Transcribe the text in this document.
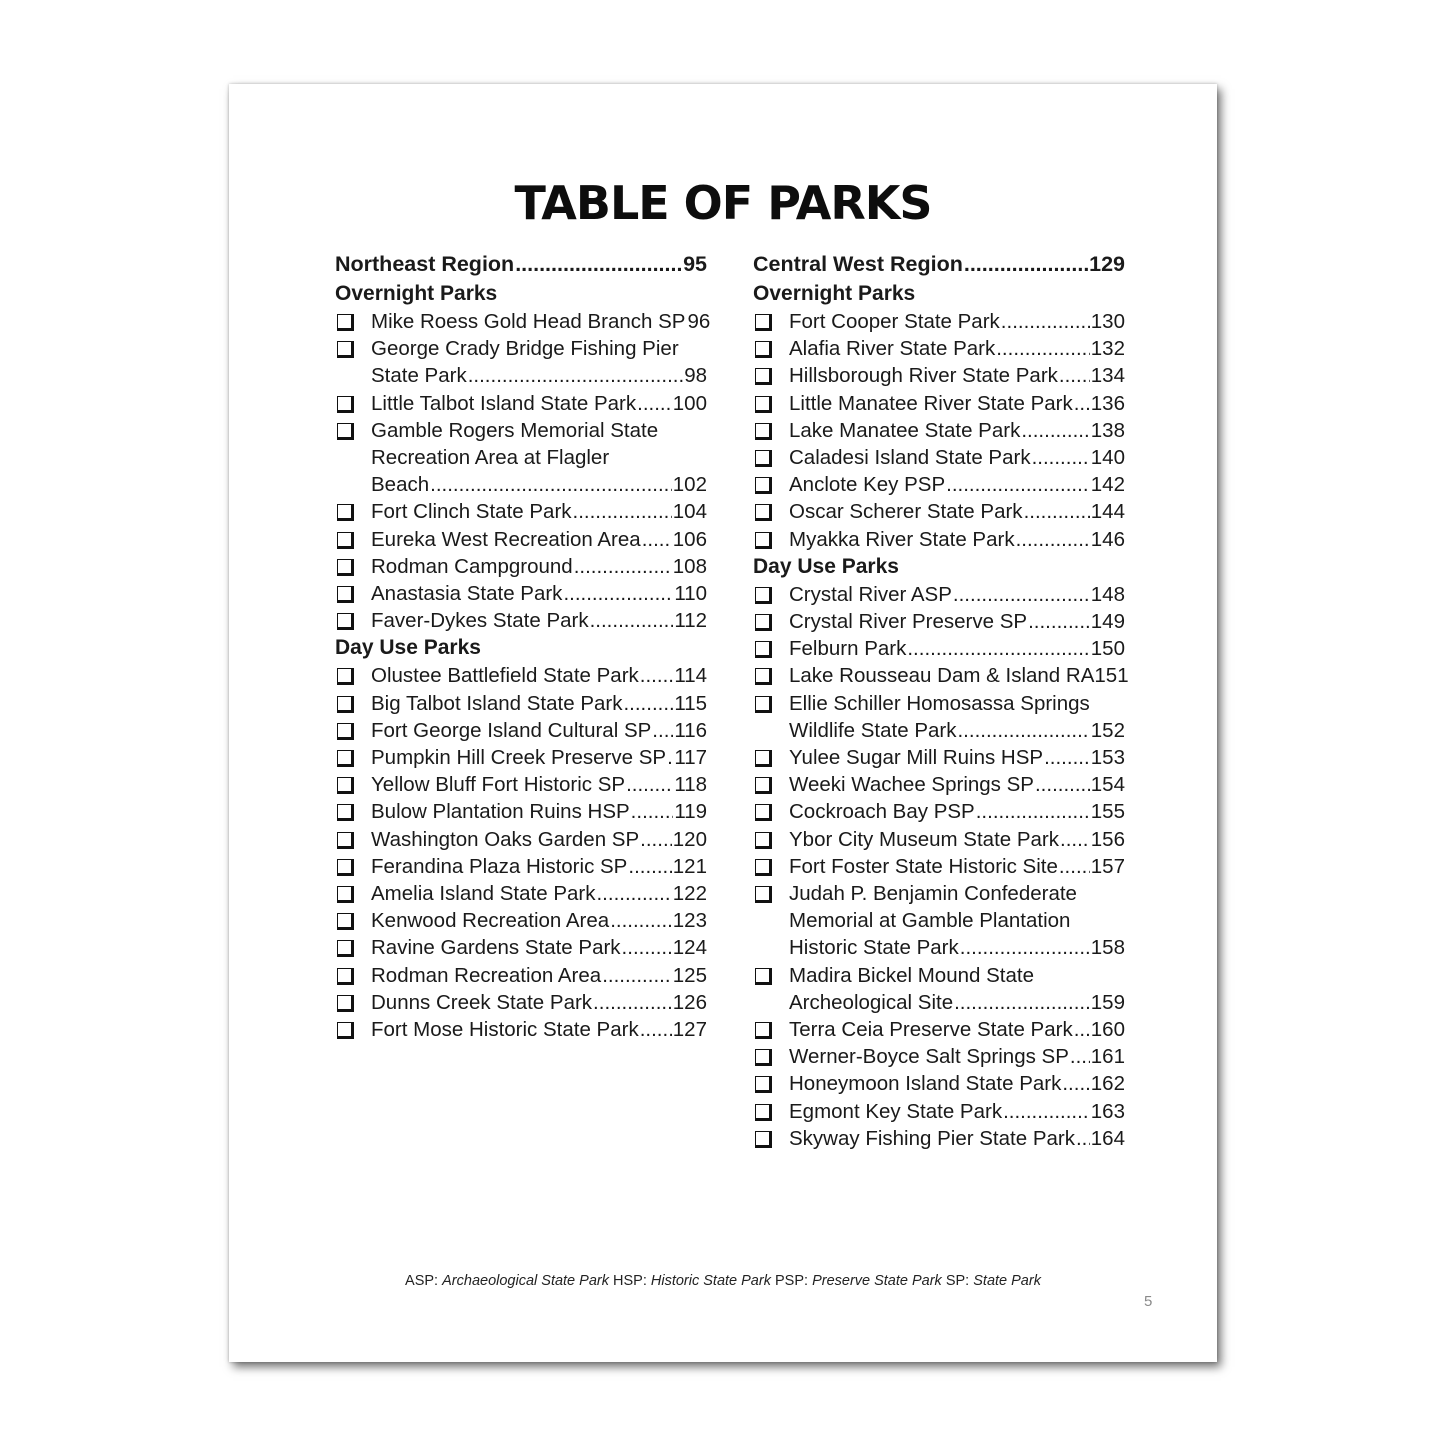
TABLE OF PARKS
Northeast Region .....	95
Overnight Parks
Mike Roess Gold Head Branch SP 96
George Crady Bridge Fishing Pier
State Park .....	98
Little Talbot Island State Park ..... 100
Gamble Rogers Memorial State
Recreation Area at Flagler
Beach .....	102
Fort Clinch State Park .....	104
Eureka West Recreation Area ..... 106
Rodman Campground .....	108
Anastasia State Park .....	110
Faver-Dykes State Park .....	112
Day Use Parks
Olustee Battlefield State Park ..... 114
Big Talbot Island State Park .....	115
Fort George Island Cultural SP ..... 116
Pumpkin Hill Creek Preserve SP ..... 117
Yellow Bluff Fort Historic SP ..... 118
Bulow Plantation Ruins HSP ..... 119
Washington Oaks Garden SP ..... 120
Ferandina Plaza Historic SP ..... 121
Amelia Island State Park .....	122
Kenwood Recreation Area .....	123
Ravine Gardens State Park .....	124
Rodman Recreation Area .....	125
Dunns Creek State Park .....	126
Fort Mose Historic State Park ..... 127
Central West Region .....	129
Overnight Parks
Fort Cooper State Park .....	130
Alafia River State Park .....	132
Hillsborough River State Park ..... 134
Little Manatee River State Park ..... 136
Lake Manatee State Park .....	138
Caladesi Island State Park .....	140
Anclote Key PSP .....	142
Oscar Scherer State Park .....	144
Myakka River State Park .....	146
Day Use Parks
Crystal River ASP .....	148
Crystal River Preserve SP .....	149
Felburn Park .....	150
Lake Rousseau Dam & Island RA 151
Ellie Schiller Homosassa Springs
Wildlife State Park .....	152
Yulee Sugar Mill Ruins HSP ..... 153
Weeki Wachee Springs SP .....	154
Cockroach Bay PSP .....	155
Ybor City Museum State Park ..... 156
Fort Foster State Historic Site ..... 157
Judah P. Benjamin Confederate
Memorial at Gamble Plantation
Historic State Park .....	158
Madira Bickel Mound State
Archeological Site .....	159
Terra Ceia Preserve State Park ..... 160
Werner-Boyce Salt Springs SP ..... 161
Honeymoon Island State Park ..... 162
Egmont Key State Park .....	163
Skyway Fishing Pier State Park ..... 164
ASP: Archaeological State Park HSP: Historic State Park PSP: Preserve State Park SP: State Park
5
